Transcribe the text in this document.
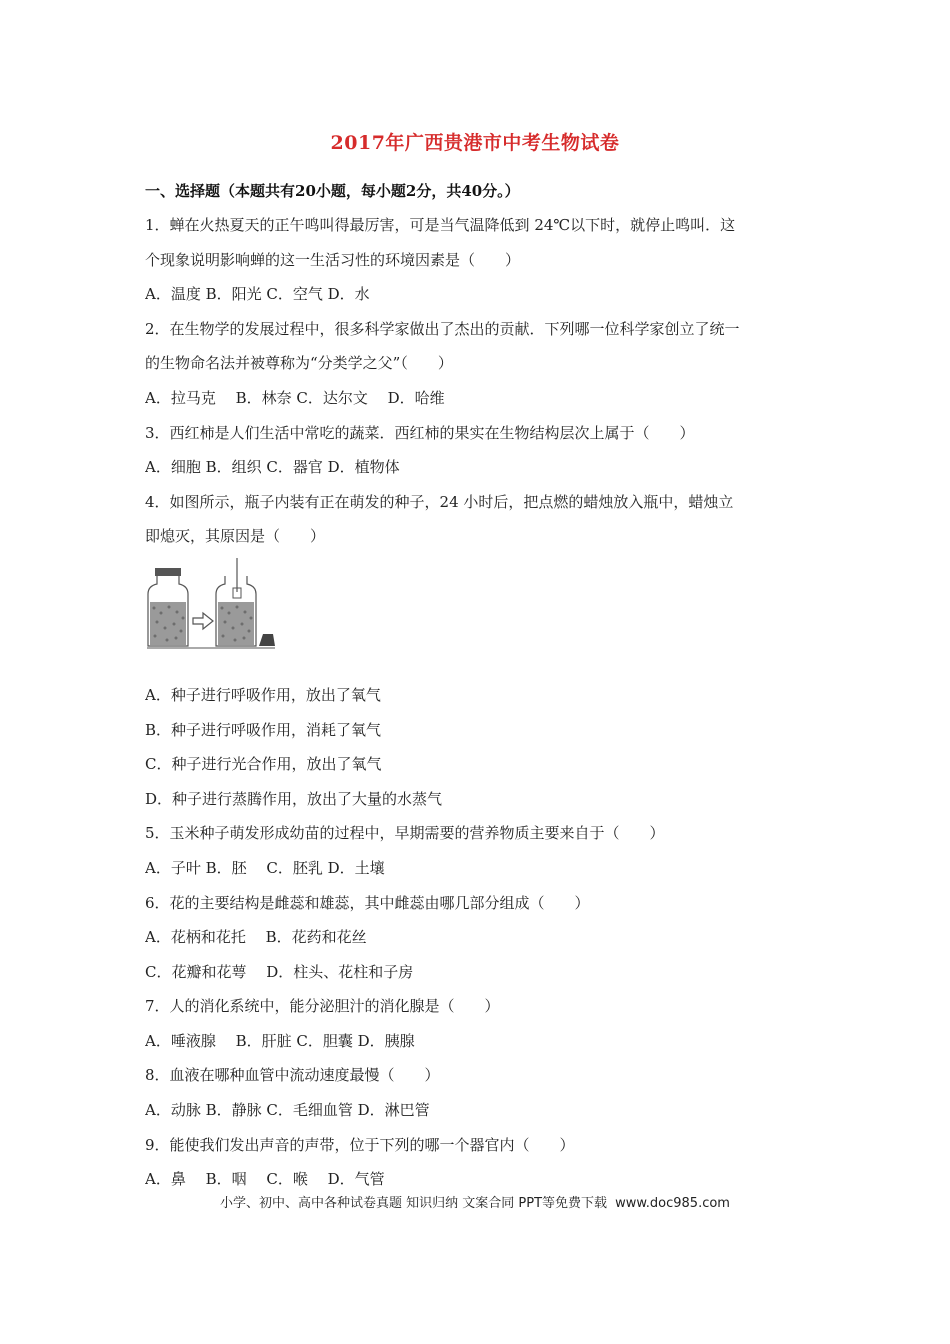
2017年广西贵港市中考生物试卷
一、选择题（本题共有20小题，每小题2分，共40分。）
1．蝉在火热夏天的正午鸣叫得最厉害，可是当气温降低到 24℃以下时，就停止鸣叫．这
个现象说明影响蝉的这一生活习性的环境因素是（　　）
A．温度 B．阳光 C．空气 D．水
2．在生物学的发展过程中，很多科学家做出了杰出的贡献．下列哪一位科学家创立了统一
的生物命名法并被尊称为“分类学之父”（　　）
A．拉马克　 B．林奈 C．达尔文　 D．哈维
3．西红柿是人们生活中常吃的蔬菜．西红柿的果实在生物结构层次上属于（　　）
A．细胞 B．组织 C．器官 D．植物体
4．如图所示，瓶子内装有正在萌发的种子，24 小时后，把点燃的蜡烛放入瓶中，蜡烛立
即熄灭，其原因是（　　）
A．种子进行呼吸作用，放出了氧气
B．种子进行呼吸作用，消耗了氧气
C．种子进行光合作用，放出了氧气
D．种子进行蒸腾作用，放出了大量的水蒸气
5．玉米种子萌发形成幼苗的过程中，早期需要的营养物质主要来自于（　　）
A．子叶 B．胚　 C．胚乳 D．土壤
6．花的主要结构是雌蕊和雄蕊，其中雌蕊由哪几部分组成（　　）
A．花柄和花托　 B．花药和花丝
C．花瓣和花萼　 D．柱头、花柱和子房
7．人的消化系统中，能分泌胆汁的消化腺是（　　）
A．唾液腺　 B．肝脏 C．胆囊 D．胰腺
8．血液在哪种血管中流动速度最慢（　　）
A．动脉 B．静脉 C．毛细血管 D．淋巴管
9．能使我们发出声音的声带，位于下列的哪一个器官内（　　）
A．鼻　 B．咽　 C．喉　 D．气管
小学、初中、高中各种试卷真题 知识归纳 文案合同 PPT等免费下载 www.doc985.com
